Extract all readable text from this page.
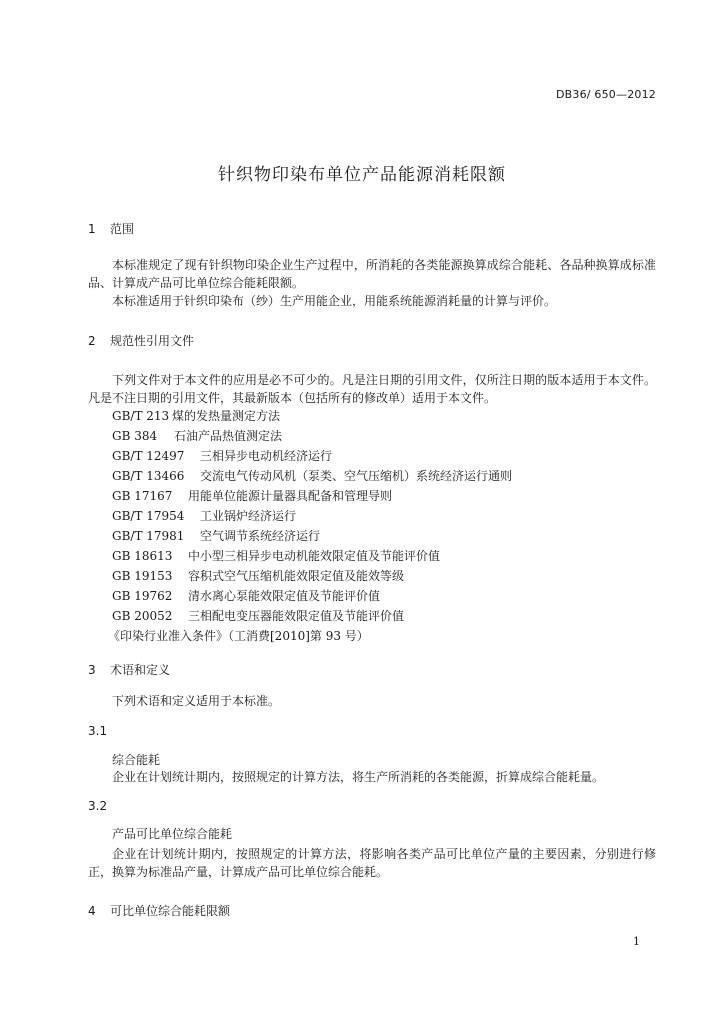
DB36/ 650—2012
针织物印染布单位产品能源消耗限额
1 范围
本标准规定了现有针织物印染企业生产过程中，所消耗的各类能源换算成综合能耗、各品种换算成标准品、计算成产品可比单位综合能耗限额。
本标准适用于针织印染布（纱）生产用能企业，用能系统能源消耗量的计算与评价。
2 规范性引用文件
下列文件对于本文件的应用是必不可少的。凡是注日期的引用文件，仅所注日期的版本适用于本文件。凡是不注日期的引用文件，其最新版本（包括所有的修改单）适用于本文件。
GB/T 213 煤的发热量测定方法
GB 384 石油产品热值测定法
GB/T 12497 三相异步电动机经济运行
GB/T 13466 交流电气传动风机（泵类、空气压缩机）系统经济运行通则
GB 17167 用能单位能源计量器具配备和管理导则
GB/T 17954 工业锅炉经济运行
GB/T 17981 空气调节系统经济运行
GB 18613 中小型三相异步电动机能效限定值及节能评价值
GB 19153 容积式空气压缩机能效限定值及能效等级
GB 19762 清水离心泵能效限定值及节能评价值
GB 20052 三相配电变压器能效限定值及节能评价值
《印染行业准入条件》（工消费[2010]第 93 号）
3 术语和定义
下列术语和定义适用于本标准。
3.1
综合能耗
企业在计划统计期内，按照规定的计算方法，将生产所消耗的各类能源，折算成综合能耗量。
3.2
产品可比单位综合能耗
企业在计划统计期内，按照规定的计算方法，将影响各类产品可比单位产量的主要因素，分别进行修正，换算为标准品产量，计算成产品可比单位综合能耗。
4 可比单位综合能耗限额
1
